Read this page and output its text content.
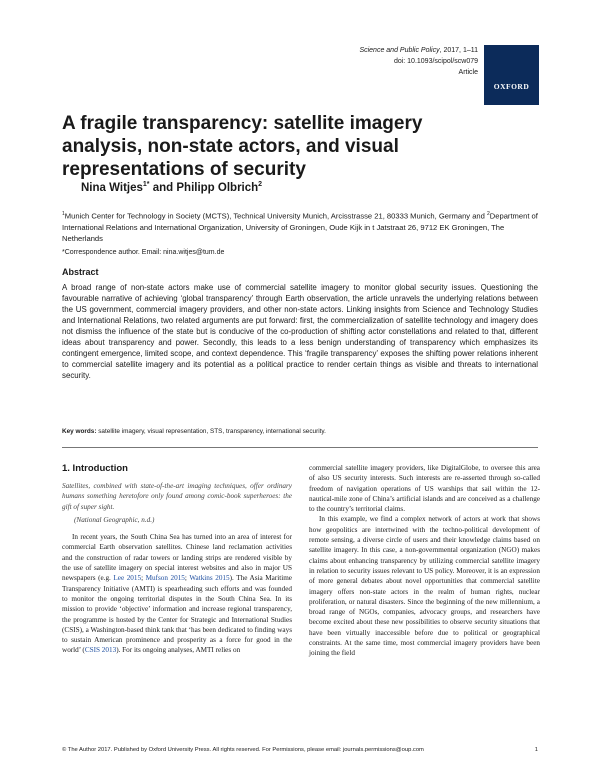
Science and Public Policy, 2017, 1–11
doi: 10.1093/scipol/scw079
Article
OXFORD
A fragile transparency: satellite imagery analysis, non-state actors, and visual representations of security
Nina Witjes$^{1*}$ and Philipp Olbrich$^2$
$^1$Munich Center for Technology in Society (MCTS), Technical University Munich, Arcisstrasse 21, 80333 Munich, Germany and $^2$Department of International Relations and International Organization, University of Groningen, Oude Kijk in t Jatstraat 26, 9712 EK Groningen, The Netherlands
*Correspondence author. Email: nina.witjes@tum.de
Abstract
A broad range of non-state actors make use of commercial satellite imagery to monitor global security issues. Questioning the favourable narrative of achieving ‘global transparency’ through Earth observation, the article unravels the underlying relations between the US government, commercial imagery providers, and other non-state actors. Linking insights from Science and Technology Studies and International Relations, two related arguments are put forward: first, the commercialization of satellite technology and imagery does not dismiss the influence of the state but is conducive of the co-production of shifting actor constellations and related to that, different ideas about transparency and power. Secondly, this leads to a less benign understanding of transparency which emphasizes its contingent emergence, limited scope, and context dependence. This ‘fragile transparency’ exposes the shifting power relations inherent to commercial satellite imagery and its potential as a political practice to render certain things as visible and threats to international security.
Key words: satellite imagery, visual representation, STS, transparency, international security.
1. Introduction

Satellites, combined with state-of-the-art imaging techniques, offer ordinary humans something heretofore only found among comic-book superheroes: the gift of super sight.

(National Geographic, n.d.)

In recent years, the South China Sea has turned into an area of interest for commercial Earth observation satellites. Chinese land reclamation activities and the construction of radar towers or landing strips are rendered visible by the use of satellite imagery on special interest websites and also in major US newspapers (e.g. Lee 2015; Mufson 2015; Watkins 2015). The Asia Maritime Transparency Initiative (AMTI) is spearheading such efforts and was founded to monitor the ongoing territorial disputes in the South China Sea. In its mission to provide ‘objective’ information and increase regional transparency, the programme is hosted by the Center for Strategic and International Studies (CSIS), a Washington-based think tank that ‘has been dedicated to finding ways to sustain American prominence and prosperity as a force for good in the world’ (CSIS 2013). For its ongoing analyses, AMTI relies on

commercial satellite imagery providers, like DigitalGlobe, to oversee this area of also US security interests. Such interests are re-asserted through so-called freedom of navigation operations of US warships that sail within the 12-nautical-mile zone of China’s artificial islands and are conceived as a challenge to the country’s territorial claims.

In this example, we find a complex network of actors at work that shows how geopolitics are intertwined with the techno-political development of remote sensing, a diverse circle of users and their knowledge claims based on satellite imagery. In this case, a non-governmental organization (NGO) makes claims about enhancing transparency by utilizing commercial satellite imagery in relation to security issues relevant to US policy. Moreover, it is an expression of more general debates about novel opportunities that commercial satellite imagery offers non-state actors in the realm of human rights, nuclear proliferation, or natural disasters. Since the beginning of the new millennium, a broad range of NGOs, companies, advocacy groups, and researchers have become excited about these new possibilities to observe security situations that have been virtually inaccessible before due to political or geographical constraints. At the same time, most commercial imagery providers have been joining the field

© The Author 2017. Published by Oxford University Press. All rights reserved. For Permissions, please email: journals.permissions@oup.com	1
